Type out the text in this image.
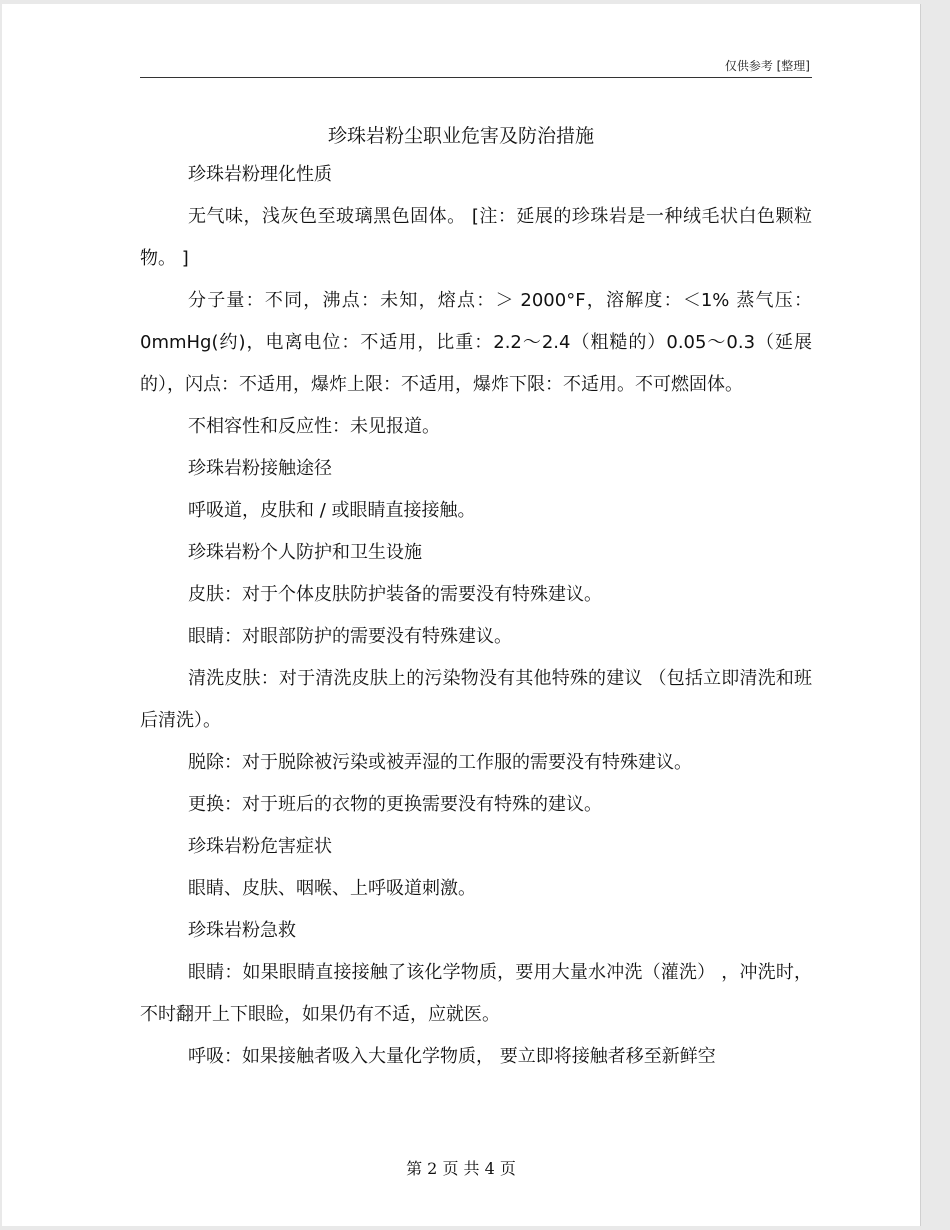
仅供参考 [整理]
珍珠岩粉尘职业危害及防治措施

珍珠岩粉理化性质

无气味，浅灰色至玻璃黑色固体。 [注：延展的珍珠岩是一种绒毛状白色颗粒物。 ]

分子量：不同，沸点：未知，熔点：＞ 2000°F，溶解度：＜1% 蒸气压：0mmHg(约)，电离电位：不适用，比重：2.2～2.4（粗糙的）0.05～0.3（延展的），闪点：不适用，爆炸上限：不适用，爆炸下限：不适用。不可燃固体。

不相容性和反应性：未见报道。

珍珠岩粉接触途径

呼吸道，皮肤和 / 或眼睛直接接触。

珍珠岩粉个人防护和卫生设施

皮肤：对于个体皮肤防护装备的需要没有特殊建议。

眼睛：对眼部防护的需要没有特殊建议。

清洗皮肤：对于清洗皮肤上的污染物没有其他特殊的建议 （包括立即清洗和班后清洗）。

脱除：对于脱除被污染或被弄湿的工作服的需要没有特殊建议。

更换：对于班后的衣物的更换需要没有特殊的建议。

珍珠岩粉危害症状

眼睛、皮肤、咽喉、上呼吸道刺激。

珍珠岩粉急救

眼睛：如果眼睛直接接触了该化学物质，要用大量水冲洗（灌洗） ，冲洗时，不时翻开上下眼睑，如果仍有不适，应就医。

呼吸：如果接触者吸入大量化学物质， 要立即将接触者移至新鲜空

第 2 页 共 4 页
